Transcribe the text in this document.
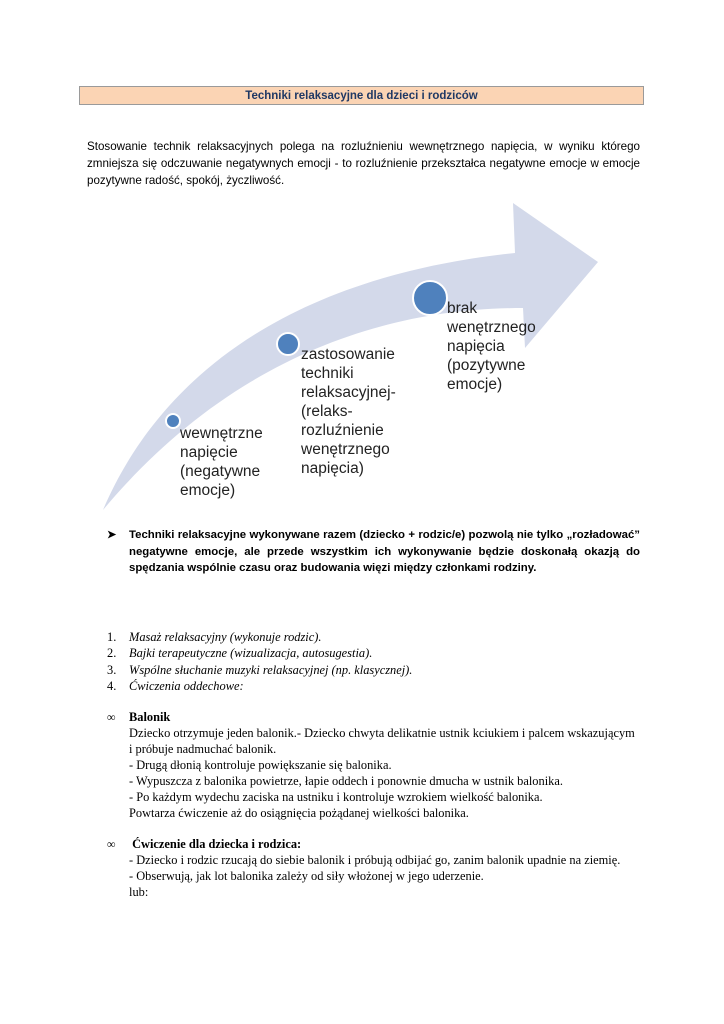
Techniki relaksacyjne dla dzieci i rodziców
Stosowanie technik relaksacyjnych polega na rozluźnieniu wewnętrznego napięcia, w wyniku którego zmniejsza się odczuwanie negatywnych emocji - to rozluźnienie przekształca negatywne emocje w emocje pozytywne radość, spokój, życzliwość.
wewnętrzne
napięcie
(negatywne
emocje)
zastosowanie
techniki
relaksacyjnej-
(relaks-
rozluźnienie
wenętrznego
napięcia)
brak
wenętrznego
napięcia
(pozytywne
emocje)
➤ Techniki relaksacyjne wykonywane razem (dziecko + rodzic/e) pozwolą nie tylko „rozładować” negatywne emocje, ale przede wszystkim ich wykonywanie będzie doskonałą okazją do spędzania wspólnie czasu oraz budowania więzi między członkami rodziny.
1. Masaż relaksacyjny (wykonuje rodzic).
2. Bajki terapeutyczne (wizualizacja, autosugestia).
3. Wspólne słuchanie muzyki relaksacyjnej (np. klasycznej).
4. Ćwiczenia oddechowe:
∞ Balonik
Dziecko otrzymuje jeden balonik.- Dziecko chwyta delikatnie ustnik kciukiem i palcem wskazującym i próbuje nadmuchać balonik.
- Drugą dłonią kontroluje powiększanie się balonika.
- Wypuszcza z balonika powietrze, łapie oddech i ponownie dmucha w ustnik balonika.
- Po każdym wydechu zaciska na ustniku i kontroluje wzrokiem wielkość balonika.
Powtarza ćwiczenie aż do osiągnięcia pożądanej wielkości balonika.
∞ Ćwiczenie dla dziecka i rodzica:
- Dziecko i rodzic rzucają do siebie balonik i próbują odbijać go, zanim balonik upadnie na ziemię.
- Obserwują, jak lot balonika zależy od siły włożonej w jego uderzenie.
lub:
